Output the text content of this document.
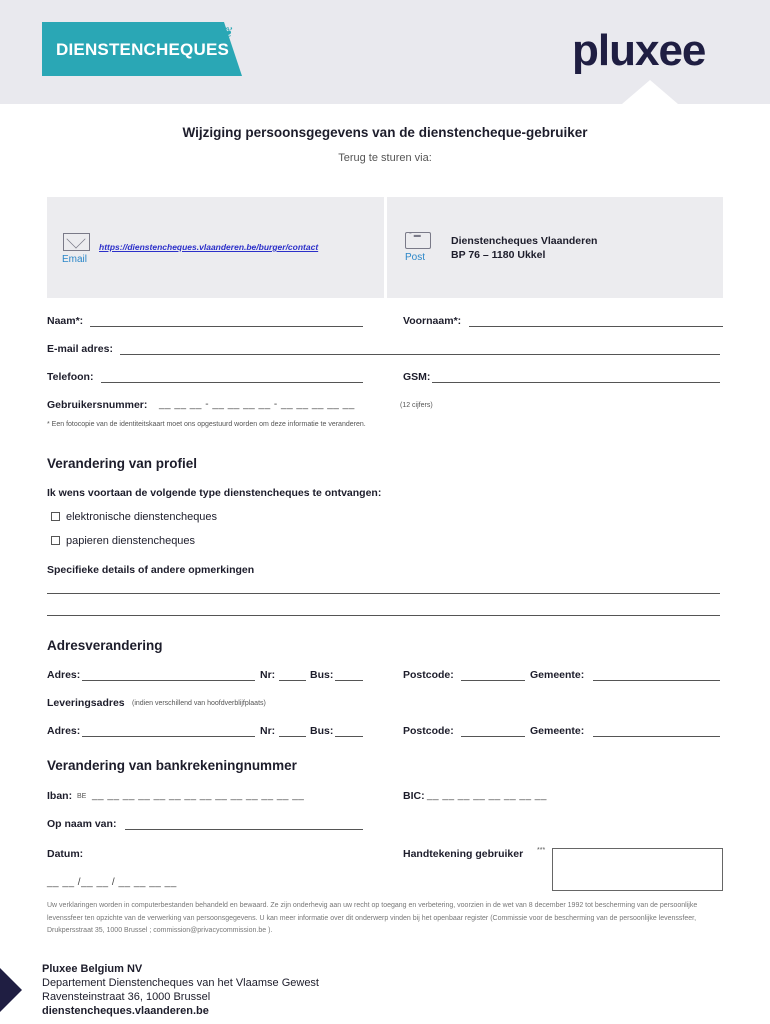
DIENSTENCHEQUES
❦	pluxee
Wijziging persoonsgegevens van de dienstencheque-gebruiker
Terug te sturen via:
Email
https://dienstencheques.vlaanderen.be/burger/contact
° ▬
Post
Dienstencheques Vlaanderen
BP 76 – 1180 Ukkel
Naam*:	Voornaam*:
E-mail adres:
Telefoon:	GSM:
Gebruikersnummer: __ __ __ - __ __ __ __ - __ __ __ __ __	(12 cijfers)
* Een fotocopie van de identiteitskaart moet ons opgestuurd worden om deze informatie te veranderen.
Verandering van profiel
Ik wens voortaan de volgende type dienstencheques te ontvangen:
elektronische dienstencheques
papieren dienstencheques
Specifieke details of andere opmerkingen
Adresverandering
Adres:	Nr:	Bus:	Postcode:	Gemeente:
Leveringsadres (indien verschillend van hoofdverblijfplaats)
Adres:	Nr:	Bus:	Postcode:	Gemeente:
Verandering van bankrekeningnummer
Iban: BE __ __ __ __ __ __ __ __ __ __ __ __ __ __	BIC: __ __ __ __ __ __ __ __
Op naam van:
Datum:
__ __ /__ __ / __ __ __ __
Handtekening gebruiker ***
Uw verklaringen worden in computerbestanden behandeld en bewaard. Ze zijn onderhevig aan uw recht op toegang en verbetering, voorzien in de wet van 8 december 1992 tot bescherming van de persoonlijke levenssfeer ten opzichte van de verwerking van persoonsgegevens. U kan meer informatie over dit onderwerp vinden bij het openbaar register (Commissie voor de bescherming van de persoonlijke levenssfeer, Drukpersstraat 35, 1000 Brussel ; commission@privacycommission.be ).
Pluxee Belgium NV
Departement Dienstencheques van het Vlaamse Gewest
Ravensteinstraat 36, 1000 Brussel
dienstencheques.vlaanderen.be
